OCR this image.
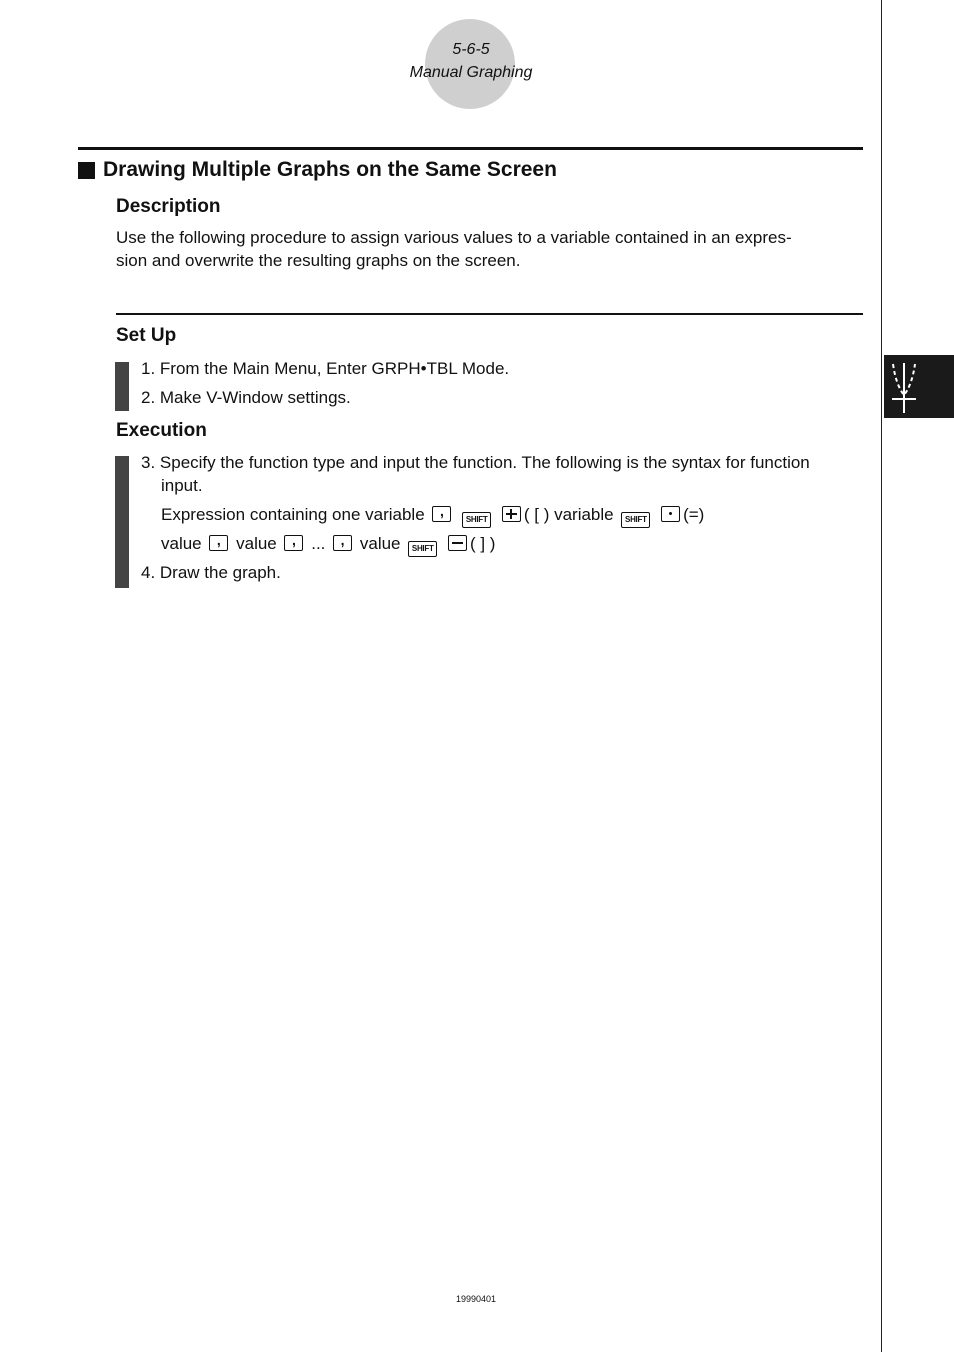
5-6-5
Manual Graphing
Drawing Multiple Graphs on the Same Screen
Description
Use the following procedure to assign various values to a variable contained in an expres-
sion and overwrite the resulting graphs on the screen.
Set Up
1. From the Main Menu, Enter GRPH•TBL Mode.
2. Make V-Window settings.
Execution
3. Specify the function type and input the function. The following is the syntax for function
input.
Expression containing one variable	,
SHIFT ( [ ) variable SHIFT (=)
value	, value	, ...	, value SHIFT ( ] )
4. Draw the graph.
19990401
